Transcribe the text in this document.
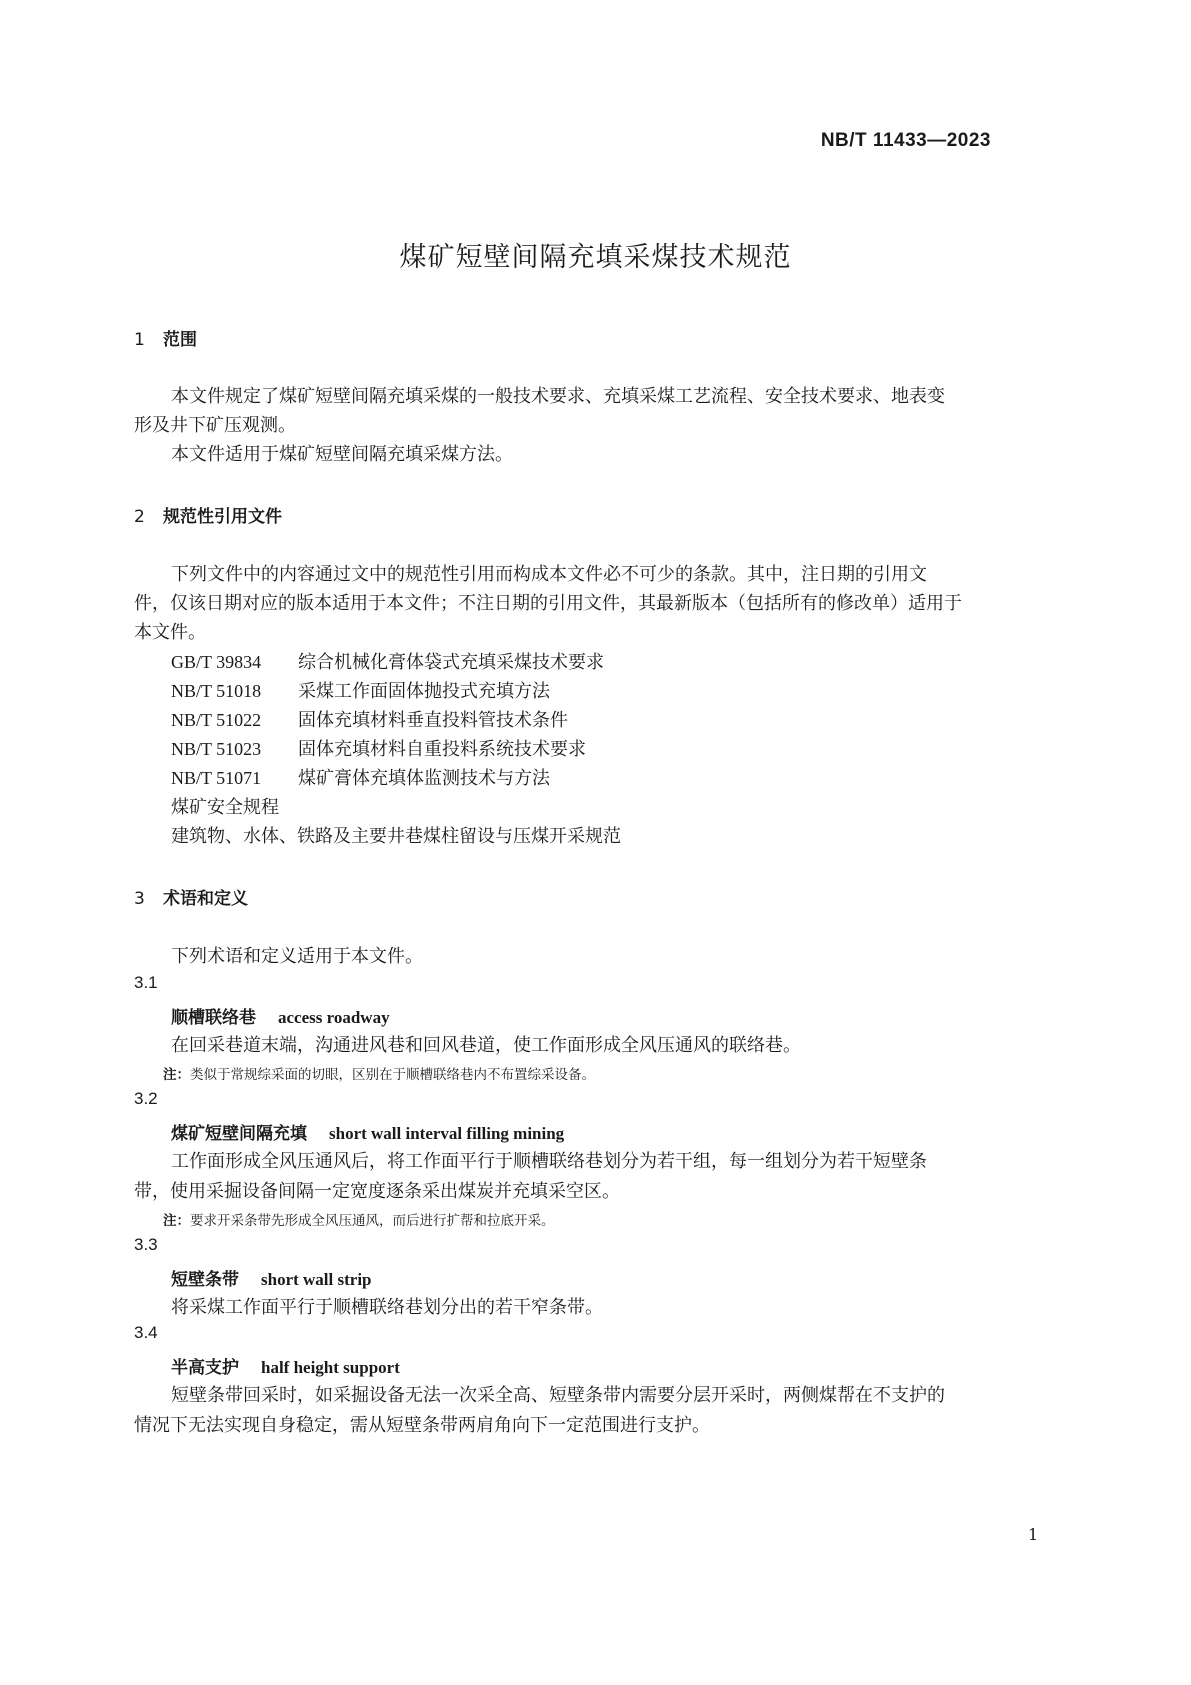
NB/T 11433—2023
煤矿短壁间隔充填采煤技术规范
1 范围
本文件规定了煤矿短壁间隔充填采煤的一般技术要求、充填采煤工艺流程、安全技术要求、地表变
形及井下矿压观测。
本文件适用于煤矿短壁间隔充填采煤方法。
2 规范性引用文件
下列文件中的内容通过文中的规范性引用而构成本文件必不可少的条款。其中，注日期的引用文
件，仅该日期对应的版本适用于本文件；不注日期的引用文件，其最新版本（包括所有的修改单）适用于
本文件。
GB/T 39834 综合机械化膏体袋式充填采煤技术要求
NB/T 51018 采煤工作面固体抛投式充填方法
NB/T 51022 固体充填材料垂直投料管技术条件
NB/T 51023 固体充填材料自重投料系统技术要求
NB/T 51071 煤矿膏体充填体监测技术与方法
煤矿安全规程
建筑物、水体、铁路及主要井巷煤柱留设与压煤开采规范
3 术语和定义
下列术语和定义适用于本文件。
3.1
顺槽联络巷 access roadway
在回采巷道末端，沟通进风巷和回风巷道，使工作面形成全风压通风的联络巷。
注：类似于常规综采面的切眼，区别在于顺槽联络巷内不布置综采设备。
3.2
煤矿短壁间隔充填 short wall interval filling mining
工作面形成全风压通风后，将工作面平行于顺槽联络巷划分为若干组，每一组划分为若干短壁条
带，使用采掘设备间隔一定宽度逐条采出煤炭并充填采空区。
注：要求开采条带先形成全风压通风，而后进行扩帮和拉底开采。
3.3
短壁条带 short wall strip
将采煤工作面平行于顺槽联络巷划分出的若干窄条带。
3.4
半高支护 half height support
短壁条带回采时，如采掘设备无法一次采全高、短壁条带内需要分层开采时，两侧煤帮在不支护的
情况下无法实现自身稳定，需从短壁条带两肩角向下一定范围进行支护。
1
